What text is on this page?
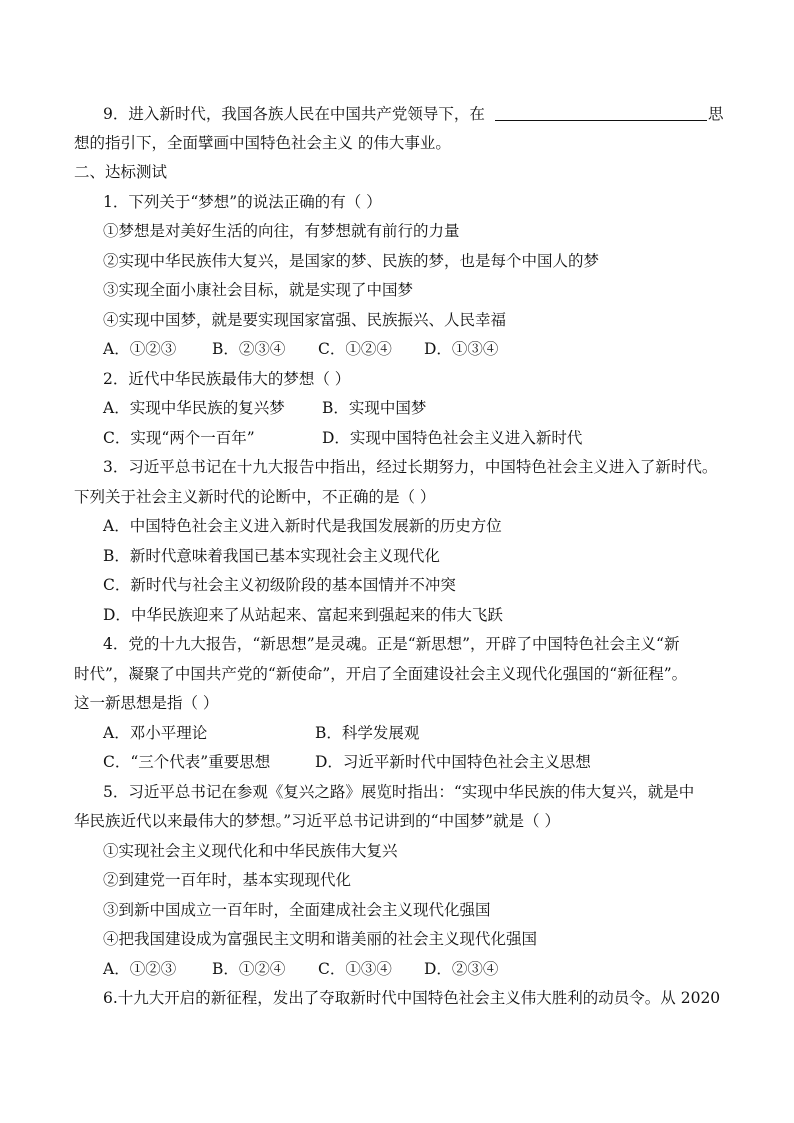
9．进入新时代，我国各族人民在中国共产党领导下，在	思
想的指引下，全面擘画中国特色社会主义 的伟大事业。
二、达标测试
1．下列关于“梦想”的说法正确的有（ ）
①梦想是对美好生活的向往，有梦想就有前行的力量
②实现中华民族伟大复兴，是国家的梦、民族的梦，也是每个中国人的梦
③实现全面小康社会目标，就是实现了中国梦
④实现中国梦，就是要实现国家富强、民族振兴、人民幸福
A．①②③ B．②③④ C．①②④ D．①③④
2．近代中华民族最伟大的梦想（ ）
A．实现中华民族的复兴梦 B．实现中国梦
C．实现“两个一百年”	D．实现中国特色社会主义进入新时代
3．习近平总书记在十九大报告中指出，经过长期努力，中国特色社会主义进入了新时代。
下列关于社会主义新时代的论断中，不正确的是（ ）
A．中国特色社会主义进入新时代是我国发展新的历史方位
B．新时代意味着我国已基本实现社会主义现代化
C．新时代与社会主义初级阶段的基本国情并不冲突
D．中华民族迎来了从站起来、富起来到强起来的伟大飞跃
4．党的十九大报告，“新思想”是灵魂。正是“新思想”，开辟了中国特色社会主义“新
时代”，凝聚了中国共产党的“新使命”，开启了全面建设社会主义现代化强国的“新征程”。
这一新思想是指（ ）
A．邓小平理论	B．科学发展观
C．“三个代表”重要思想	D．习近平新时代中国特色社会主义思想
5．习近平总书记在参观《复兴之路》展览时指出：“实现中华民族的伟大复兴，就是中
华民族近代以来最伟大的梦想。”习近平总书记讲到的“中国梦”就是（ ）
①实现社会主义现代化和中华民族伟大复兴
②到建党一百年时，基本实现现代化
③到新中国成立一百年时，全面建成社会主义现代化强国
④把我国建设成为富强民主文明和谐美丽的社会主义现代化强国
A．①②③ B．①②④ C．①③④ D．②③④
6.十九大开启的新征程，发出了夺取新时代中国特色社会主义伟大胜利的动员令。从 2020
